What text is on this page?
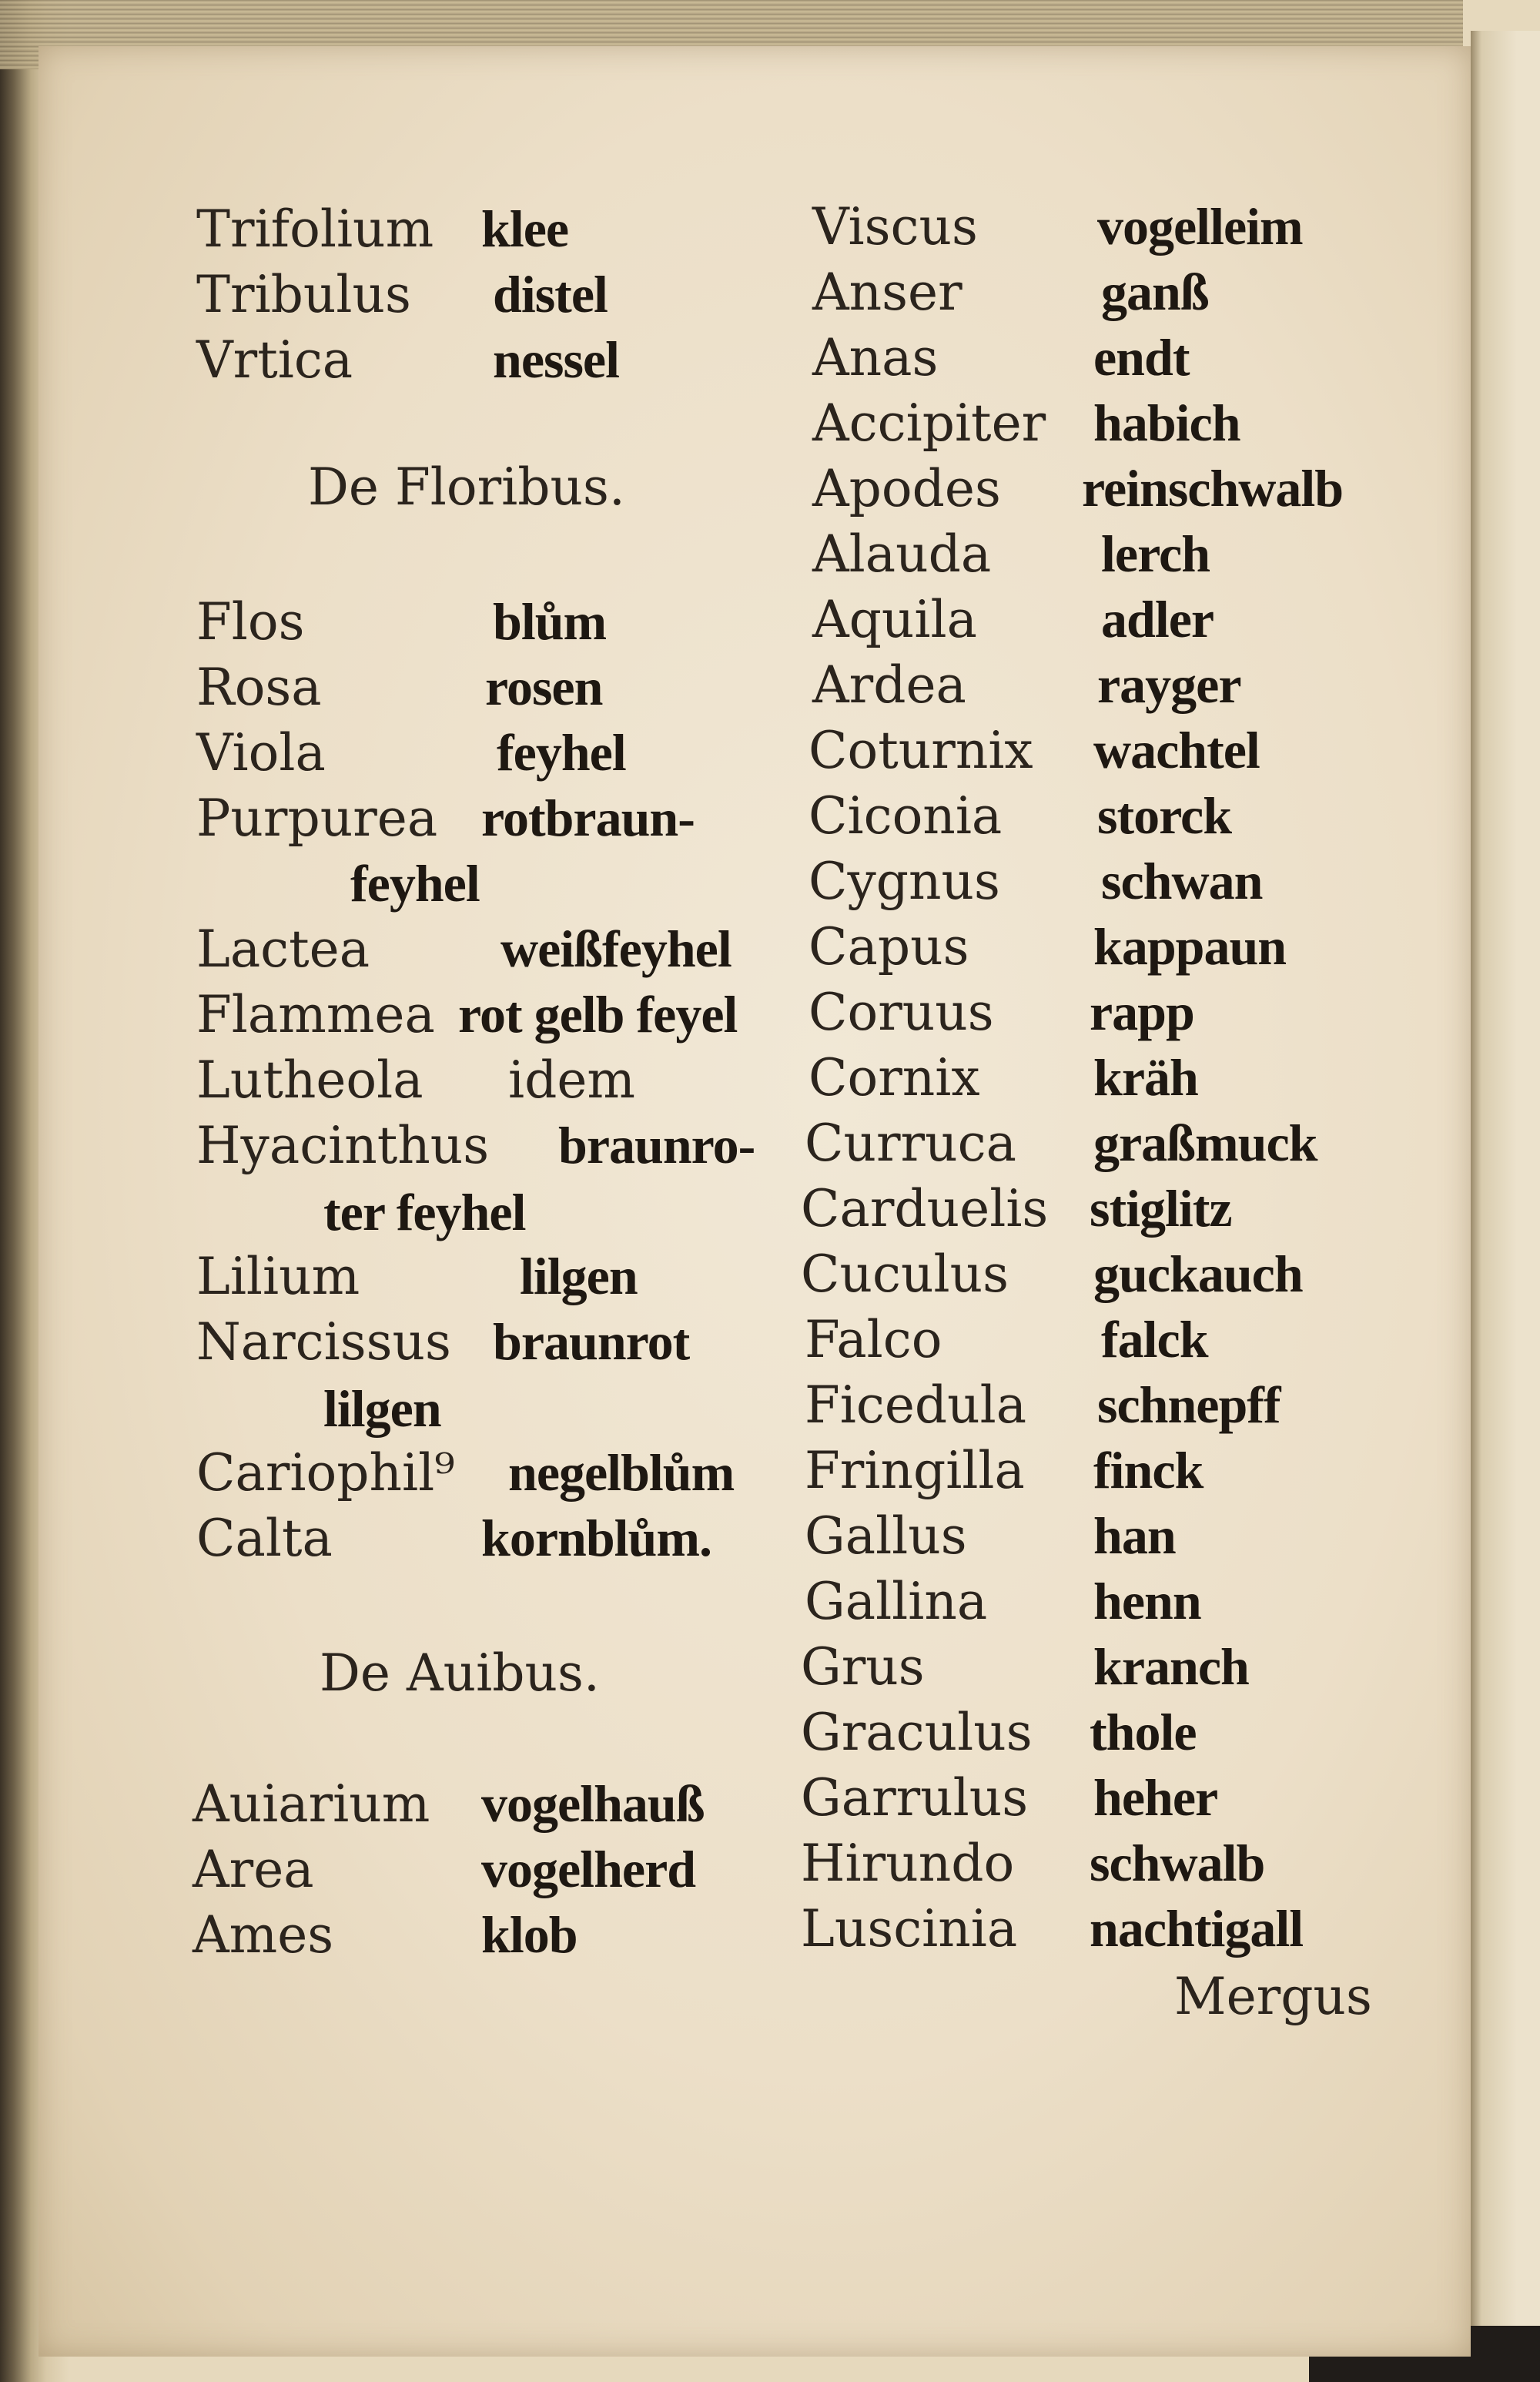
Trifolium klee
Tribulus distel
Vrtica	nessel
De Floribus.
Flos	blům
Rosa	rosen
Viola	feyhel
Purpurea rotbraun-
feyhel
Lactea weißfeyhel
Flammea rot gelb feyel
Lutheola idem
Hyacinthus braunro-
ter feyhel
Lilium	lilgen
Narcissus braunrot
lilgen
Cariophil⁹ negelblům
Calta	kornblům.
De Auibus.
Auiarium vogelhauß
Area	vogelherd
Ames	klob
Viscus vogelleim
Anser	ganß
Anas	endt
Accipiter habich
Apodes reinschwalb
Alauda lerch
Aquila adler
Ardea	rayger
Coturnix wachtel
Ciconia storck
Cygnus schwan
Capus kappaun
Coruus rapp
Cornix kräh
Curruca graßmuck
Carduelis stiglitz
Cuculus guckauch
Falco	falck
Ficedula schnepff
Fringilla finck
Gallus han
Gallina henn
Grus	kranch
Graculus thole
Garrulus heher
Hirundo schwalb
Luscinia nachtigall
Mergus
